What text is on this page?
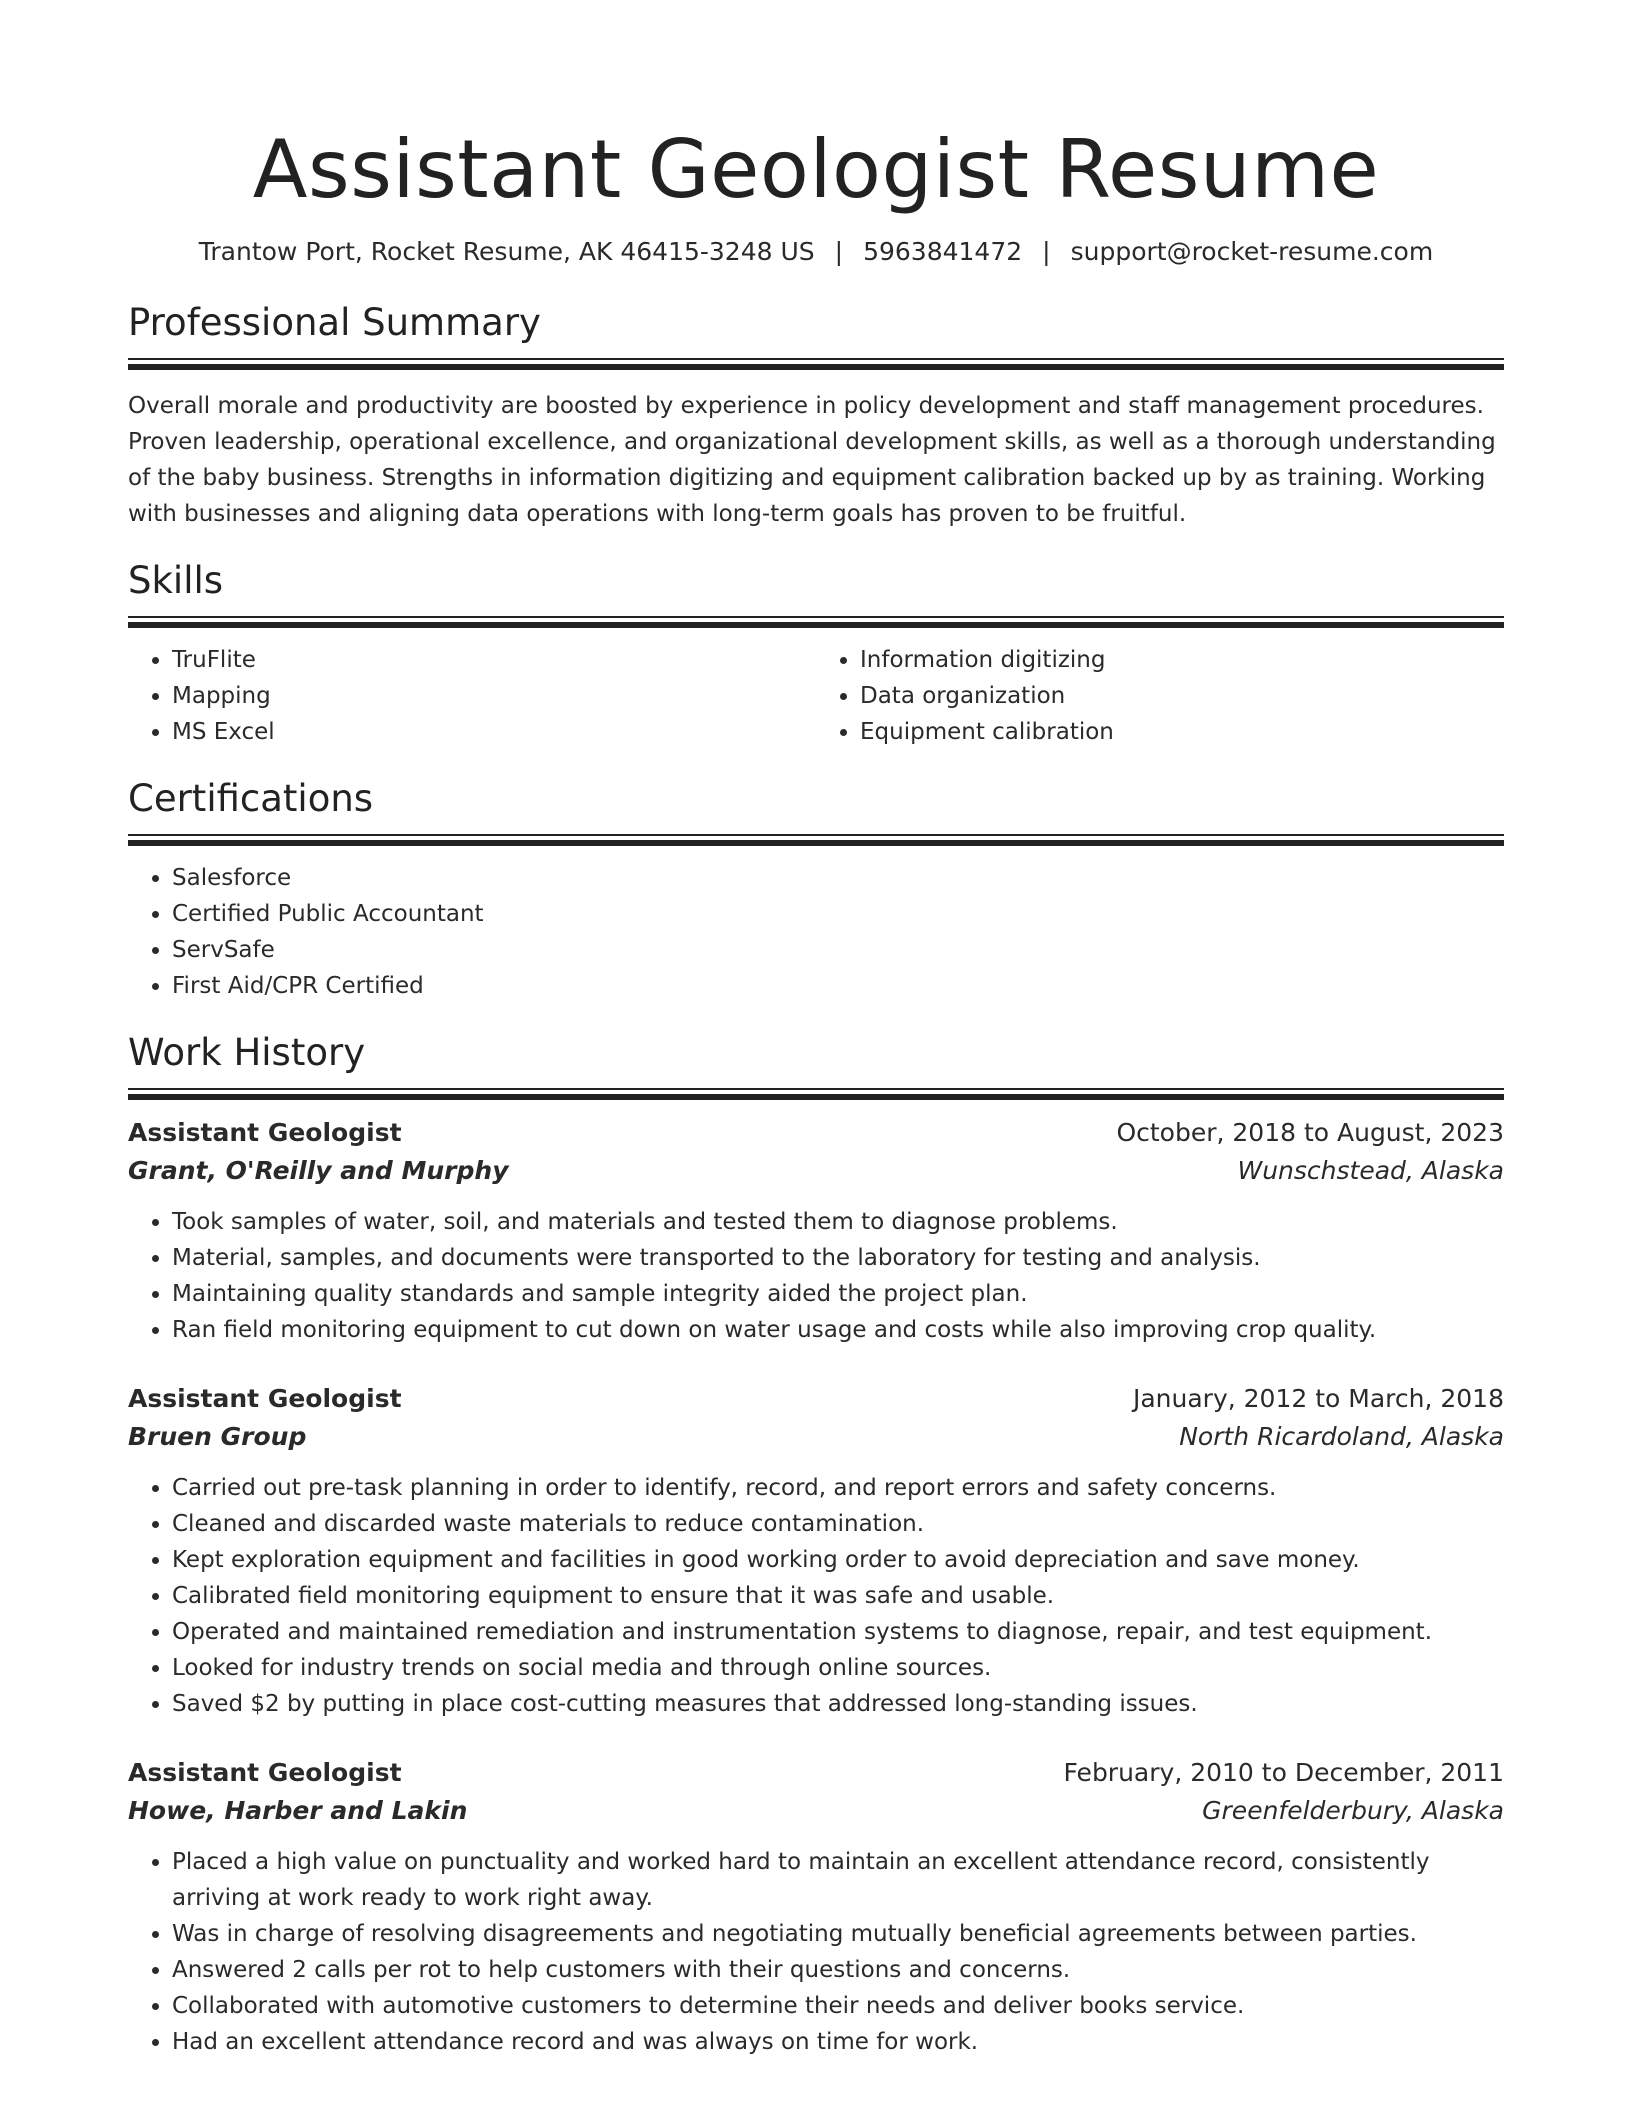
Assistant Geologist Resume
Trantow Port, Rocket Resume, AK 46415-3248 US | 5963841472 | support@rocket-resume.com
Professional Summary

Overall morale and productivity are boosted by experience in policy development and staff management procedures. Proven leadership, operational excellence, and organizational development skills, as well as a thorough understanding of the baby business. Strengths in information digitizing and equipment calibration backed up by as training. Working with businesses and aligning data operations with long-term goals has proven to be fruitful.

Skills
• TruFlite
• Mapping
• MS Excel
• Information digitizing
• Data organization
• Equipment calibration
Certifications
• Salesforce
• Certified Public Accountant
• ServSafe
• First Aid/CPR Certified
Work History
Assistant Geologist	October, 2018 to August, 2023
Grant, O'Reilly and Murphy	Wunschstead, Alaska
• Took samples of water, soil, and materials and tested them to diagnose problems.
• Material, samples, and documents were transported to the laboratory for testing and analysis.
• Maintaining quality standards and sample integrity aided the project plan.
• Ran field monitoring equipment to cut down on water usage and costs while also improving crop quality.
Assistant Geologist	January, 2012 to March, 2018
Bruen Group	North Ricardoland, Alaska
• Carried out pre-task planning in order to identify, record, and report errors and safety concerns.
• Cleaned and discarded waste materials to reduce contamination.
• Kept exploration equipment and facilities in good working order to avoid depreciation and save money.
• Calibrated field monitoring equipment to ensure that it was safe and usable.
• Operated and maintained remediation and instrumentation systems to diagnose, repair, and test equipment.
• Looked for industry trends on social media and through online sources.
• Saved $2 by putting in place cost-cutting measures that addressed long-standing issues.
Assistant Geologist	February, 2010 to December, 2011
Howe, Harber and Lakin	Greenfelderbury, Alaska
• Placed a high value on punctuality and worked hard to maintain an excellent attendance record, consistently arriving at work ready to work right away.
• Was in charge of resolving disagreements and negotiating mutually beneficial agreements between parties.
• Answered 2 calls per rot to help customers with their questions and concerns.
• Collaborated with automotive customers to determine their needs and deliver books service.
• Had an excellent attendance record and was always on time for work.
